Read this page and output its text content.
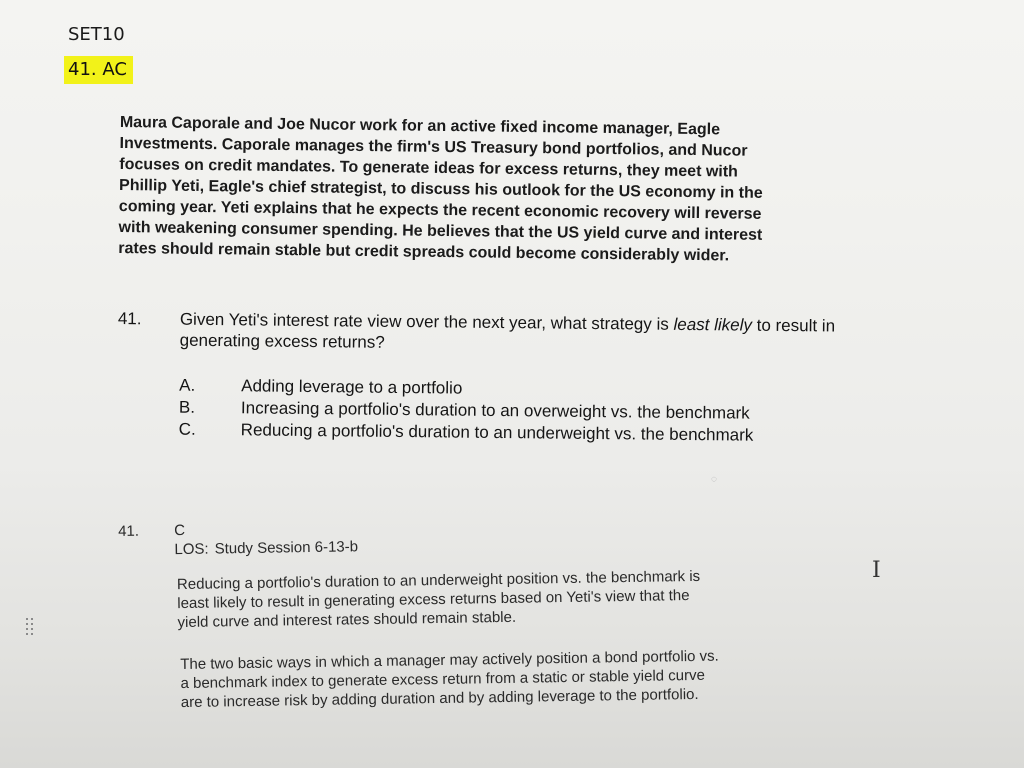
SET10
41. AC

Maura Caporale and Joe Nucor work for an active fixed income manager, Eagle

Investments. Caporale manages the firm's US Treasury bond portfolios, and Nucor

focuses on credit mandates. To generate ideas for excess returns, they meet with

Phillip Yeti, Eagle's chief strategist, to discuss his outlook for the US economy in the

coming year. Yeti explains that he expects the recent economic recovery will reverse

with weakening consumer spending. He believes that the US yield curve and interest

rates should remain stable but credit spreads could become considerably wider.

41. Given Yeti's interest rate view over the next year, what strategy is least likely to result in generating excess returns?
A.	Adding leverage to a portfolio
B.	Increasing a portfolio's duration to an overweight vs. the benchmark
C.	Reducing a portfolio's duration to an underweight vs. the benchmark
◌
41. C
LOS: Study Session 6-13-b

Reducing a portfolio's duration to an underweight position vs. the benchmark is

least likely to result in generating excess returns based on Yeti's view that the

yield curve and interest rates should remain stable.

The two basic ways in which a manager may actively position a bond portfolio vs.

a benchmark index to generate excess return from a static or stable yield curve

are to increase risk by adding duration and by adding leverage to the portfolio.

I
